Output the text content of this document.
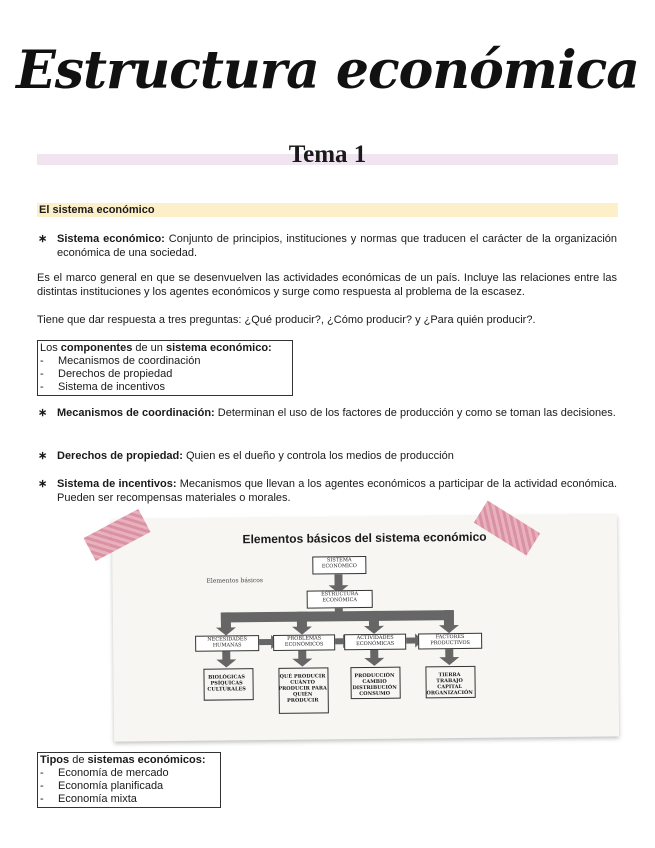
Estructura económica
Tema 1
El sistema económico
∗ Sistema económico: Conjunto de principios, instituciones y normas que traducen el carácter de la organización económica de una sociedad.
Es el marco general en que se desenvuelven las actividades económicas de un país. Incluye las relaciones entre las distintas instituciones y los agentes económicos y surge como respuesta al problema de la escasez.
Tiene que dar respuesta a tres preguntas: ¿Qué producir?, ¿Cómo producir? y ¿Para quién producir?.
Los componentes de un sistema económico:
- Mecanismos de coordinación
- Derechos de propiedad
- Sistema de incentivos
∗ Mecanismos de coordinación: Determinan el uso de los factores de producción y como se toman las decisiones.
∗ Derechos de propiedad: Quien es el dueño y controla los medios de producción
∗ Sistema de incentivos: Mecanismos que llevan a los agentes económicos a participar de la actividad económica. Pueden ser recompensas materiales o morales.
Elementos básicos del sistema económico
Elementos básicos
SISTEMA ECONÓMICO
ESTRUCTURA ECONÓMICA
NECESIDADES HUMANAS
PROBLEMAS ECONÓMICOS
ACTIVIDADES ECONÓMICAS
FACTORES PRODUCTIVOS
BIOLÓGICAS PSÍQUICAS CULTURALES
QUÉ PRODUCIR CUÁNTO PRODUCIR PARA QUIÉN PRODUCIR
PRODUCCIÓN CAMBIO DISTRIBUCIÓN CONSUMO
TIERRA TRABAJO CAPITAL ORGANIZACIÓN
Tipos de sistemas económicos:
- Economía de mercado
- Economía planificada
- Economía mixta
